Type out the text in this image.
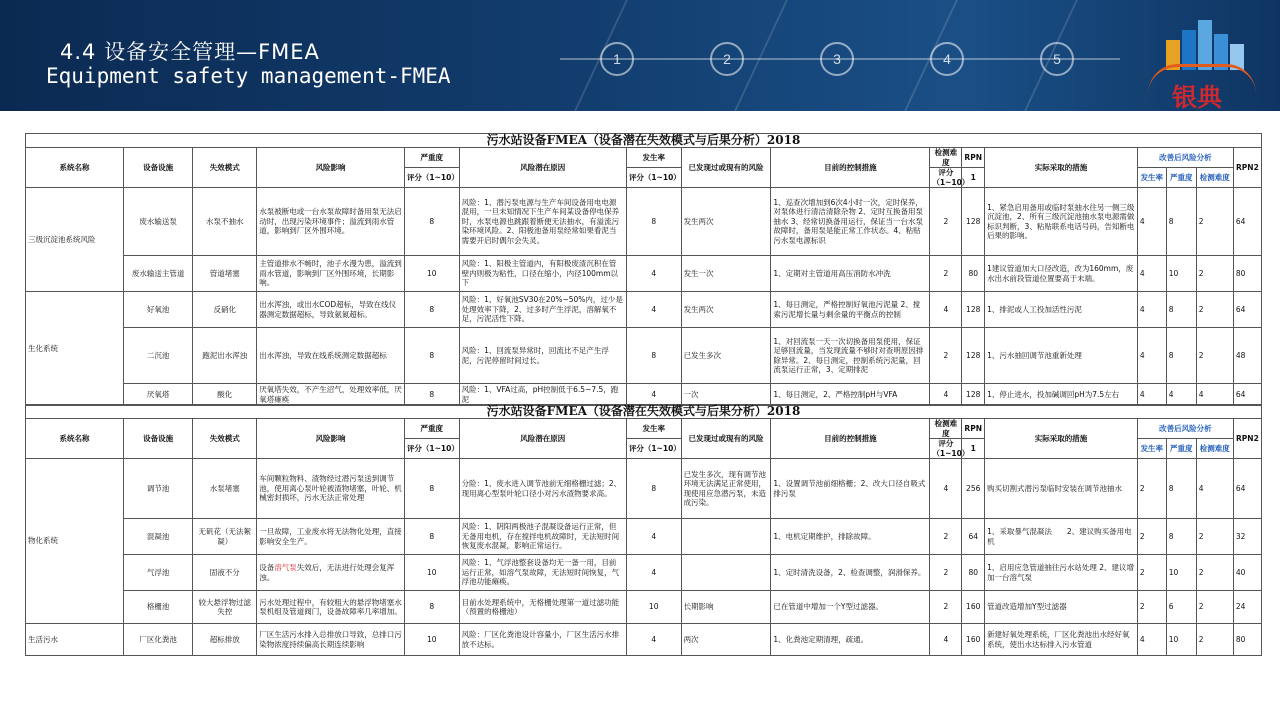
4.4 设备安全管理—FMEA
Equipment safety management-FMEA
1	2	3	4	5
银典
污水站设备FMEA（设备潜在失效模式与后果分析）2018															
系统名称	设备设施	失效模式	风险影响	严重度	风险潜在原因	发生率	已发现过或现有的风险	目前的控制措施	检测难度	RPN	实际采取的措施	改善后风险分析			RPN2
				评分（1~10）		评分（1~10）			评分（1~10）	1		发生率	严重度	检测难度	
三级沉淀池系统风险	废水输送泵	水泵不抽水	水泵被断电或一台水泵故障时备用泵无法启动时，出现污染环境事件；溢流到雨水管道，影响到厂区外围环境。	8	风险：1、潜污泵电源与生产车间设备用电电源混用，一旦未知情况下生产车间某设备停电保养时，水泵电源也跳跟着断便无法抽水，有溢流污染环境风险。2、阳极池备用泵经常如果看泥当需要开启时偶尔会失灵。	8	发生两次	1、巡查次增加到6次4小时一次，定时保养，对泵体进行清洁清除杂物 2、定时互换备用泵抽水 3、经常切换备用运行，保证当一台水泵故障时，备用泵是能正常工作状态。4、粘贴污水泵电源标识	2	128	1、紧急启用备用或临时泵抽水往另一侧三级沉淀池，2、所有三级沉淀池抽水泵电源需做标识判断，3、粘贴联系电话号码，告知断电后果的影响。	4	8	2	64
	废水输送主管道	管道堵塞	主管道排水不畅时，池子水漫为患，溢流到雨水管道，影响到厂区外围环境，长期影响。	10	风险：1、阳极主管道内，有阳极废渣沉积在管壁内则极为粘性，口径在缩小，内径100mm以下	4	发生一次	1、定期对主管道用高压消防水冲洗	2	80	1建议管道加大口径改造，改为160mm，废水出水前段管道位置要高于末端。	4	10	2	80
生化系统	好氧池	反硝化	出水浑浊，或出水COD超标，导致在线仪器测定数据超标，导致氨氮超标。	8	风险：1、好氧池SV30在20%~50%内，过少是处理效率下降，2、过多时产生浮泥，溶解氧不足，污泥活性下降。	4	发生两次	1、每日测定，严格控制好氧池污泥量 2、搅索污泥增长量与剩余量的平衡点的控制	4	128	1、排泥或人工投加活性污泥	4	8	2	64
	二沉池	跑泥出水浑浊	出水浑浊，导致在线系统测定数据超标	8	风险：1、回流泵异常时，回流比不足产生浮泥，污泥停留时间过长。	8	已发生多次	1、对回流泵一天一次切换备用泵使用，保证足够回流量，当发现流量不够时对查明原因排除异常。2、每日测定，控制系统污泥量，回流泵运行正常，3、定期排泥	2	128	1、污水抽回调节池重新处理	4	8	2	48
	厌氧塔	酸化	厌氧塔失效，不产生沼气，处理效率低，厌氧塔瘫痪	8	风险：1、VFA过高，pH控制低于6.5~7.5，跑泥	4	一次	1、每日测定，2、严格控制pH与VFA	4	128	1、停止进水，投加碱调回pH为7.5左右	4	4	4	64
污水站设备FMEA（设备潜在失效模式与后果分析）2018															
系统名称	设备设施	失效模式	风险影响	严重度	风险潜在原因	发生率	已发现过或现有的风险	目前的控制措施	检测难度	RPN	实际采取的措施	改善后风险分析			RPN2
				评分（1~10）		评分（1~10）			评分（1~10）	1		发生率	严重度	检测难度	
物化系统	调节池	水泵堵塞	车间颗粒物料、渣物经过潜污泵送到调节池，使用离心泵叶轮被渣物堵塞，叶轮、机械密封损坏，污水无法正常处理	8	分险：1、废水进入调节池前无细格栅过滤；2、现用离心型泵叶轮口径小对污水渣物要求高。	8	已发生多次，现有调节池环境无法满足正常使用，现使用应急潜污泵，未造成污染。	1、设置调节池前细格栅；2、改大口径自吸式排污泵	4	256	购买切割式潜污泵临时安装在调节池抽水	2	8	4	64
	混凝池	无矾花（无法絮凝）	一旦故障，工业废水将无法物化处理，直接影响安全生产。	8	风险：1、阴阳两极池子混凝设备运行正常，但无备用电机，存在搅拌电机故障时，无法短时间恢复废水混凝，影响正常运行。	4		1、电机定期维护，排除故障。	2	64	1、采取暴气混凝法　　2、建议购买备用电机	2	8	2	32
	气浮池	固液不分	设备溶气泵失效后，无法进行处理会复浑浊。	10	风险：1、气浮池整套设备均无一备一用，目前运行正常，如溶气泵故障，无法短时间恢复，气浮池功能瘫痪。	4		1、定时清洗设备，2、检查调整，润滑保养。	2	80	1、启用应急管道抽往污水站处理 2、建议增加一台溶气泵	2	10	2	40
	格栅池	较大悬浮物过滤失控	污水处理过程中，有较粗大的悬浮物堵塞水泵机组及管道阀门，设备故障率几率增加。	8	目前水处理系统中，无格栅处理第一道过滤功能（预置的格栅池）	10	长期影响	已在管道中增加一个Y型过滤器。	2	160	管道改造增加Y型过滤器	2	6	2	24
生活污水	厂区化粪池	超标排放	厂区生活污水排入总排放口导致，总排口污染物浓度持续偏高长期连续影响	10	风险：厂区化粪池设计容量小，厂区生活污水排放不达标。	4	两次	1、化粪池定期清理，疏通。	4	160	新建好氧处理系统，厂区化粪池出水经好氧系统，使出水达标排入污水管道	4	10	2	80
